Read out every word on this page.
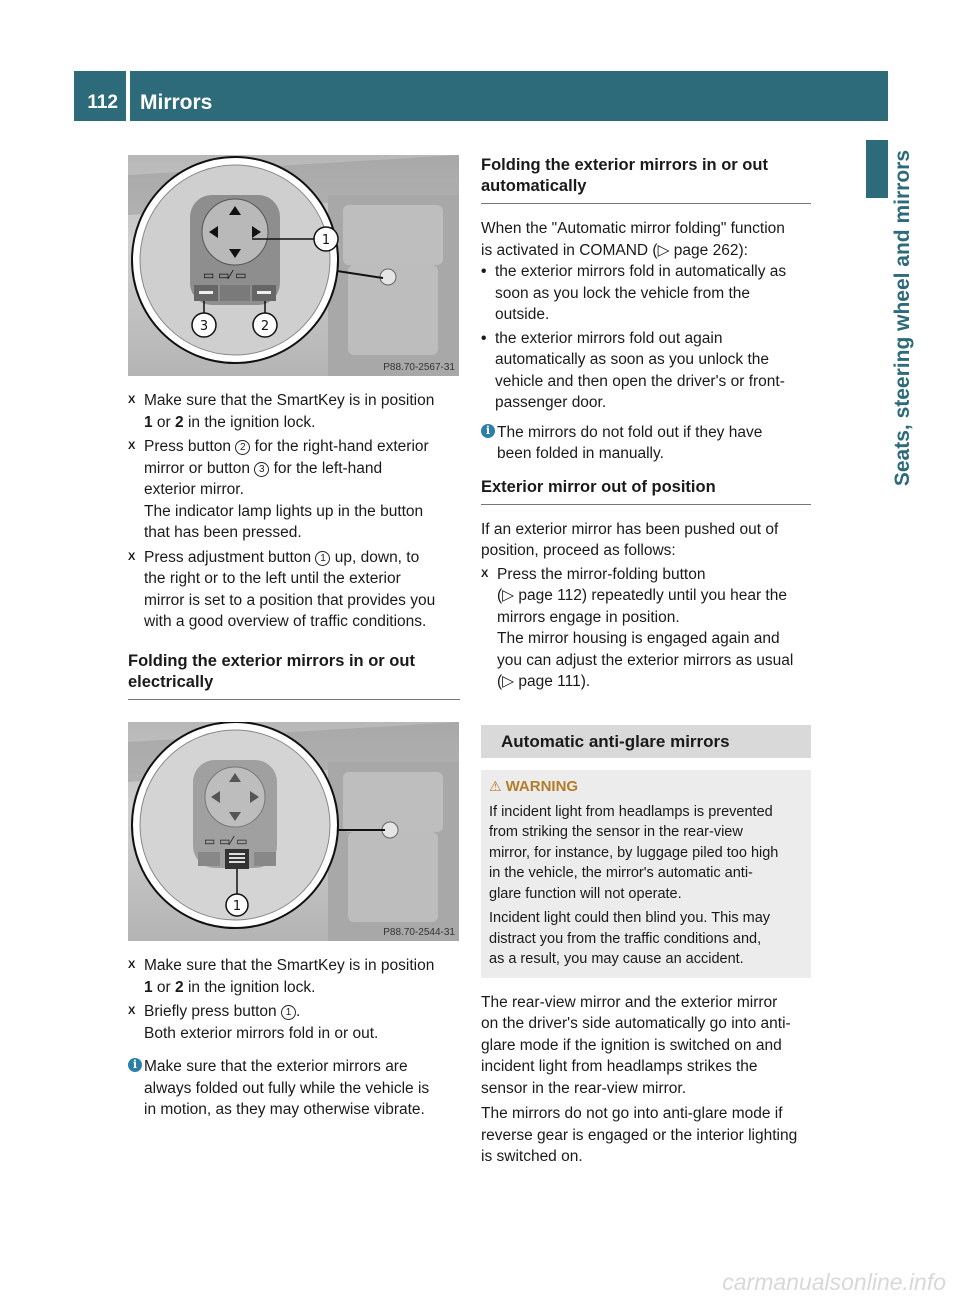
112 Mirrors
Seats, steering wheel and mirrors
▭ ▭⁄ ▭
1
3	2
P88.70-2567-31
X Make sure that the SmartKey is in position
1 or 2 in the ignition lock.
X Press button 2 for the right-hand exterior
mirror or button 3 for the left-hand
exterior mirror.
The indicator lamp lights up in the button
that has been pressed.
X Press adjustment button 1 up, down, to
the right or to the left until the exterior
mirror is set to a position that provides you
with a good overview of traffic conditions.
Folding the exterior mirrors in or out
electrically
▭ ▭⁄ ▭
1
P88.70-2544-31
X Make sure that the SmartKey is in position
1 or 2 in the ignition lock.
X Briefly press button 1 .
Both exterior mirrors fold in or out.
i Make sure that the exterior mirrors are
always folded out fully while the vehicle is
in motion, as they may otherwise vibrate.
Folding the exterior mirrors in or out
automatically

When the "Automatic mirror folding" function
is activated in COMAND (▷ page 262):

• the exterior mirrors fold in automatically as
soon as you lock the vehicle from the
outside.
• the exterior mirrors fold out again
automatically as soon as you unlock the
vehicle and then open the driver's or front-
passenger door.
i The mirrors do not fold out if they have
been folded in manually.
Exterior mirror out of position

If an exterior mirror has been pushed out of
position, proceed as follows:

X Press the mirror-folding button
(▷ page 112) repeatedly until you hear the
mirrors engage in position.
The mirror housing is engaged again and
you can adjust the exterior mirrors as usual
(▷ page 111).
Automatic anti-glare mirrors
⚠ WARNING
If incident light from headlamps is prevented
from striking the sensor in the rear-view
mirror, for instance, by luggage piled too high
in the vehicle, the mirror's automatic anti-
glare function will not operate.
Incident light could then blind you. This may
distract you from the traffic conditions and,
as a result, you may cause an accident.

The rear-view mirror and the exterior mirror
on the driver's side automatically go into anti-
glare mode if the ignition is switched on and
incident light from headlamps strikes the
sensor in the rear-view mirror.

The mirrors do not go into anti-glare mode if
reverse gear is engaged or the interior lighting
is switched on.

carmanualsonline.info
